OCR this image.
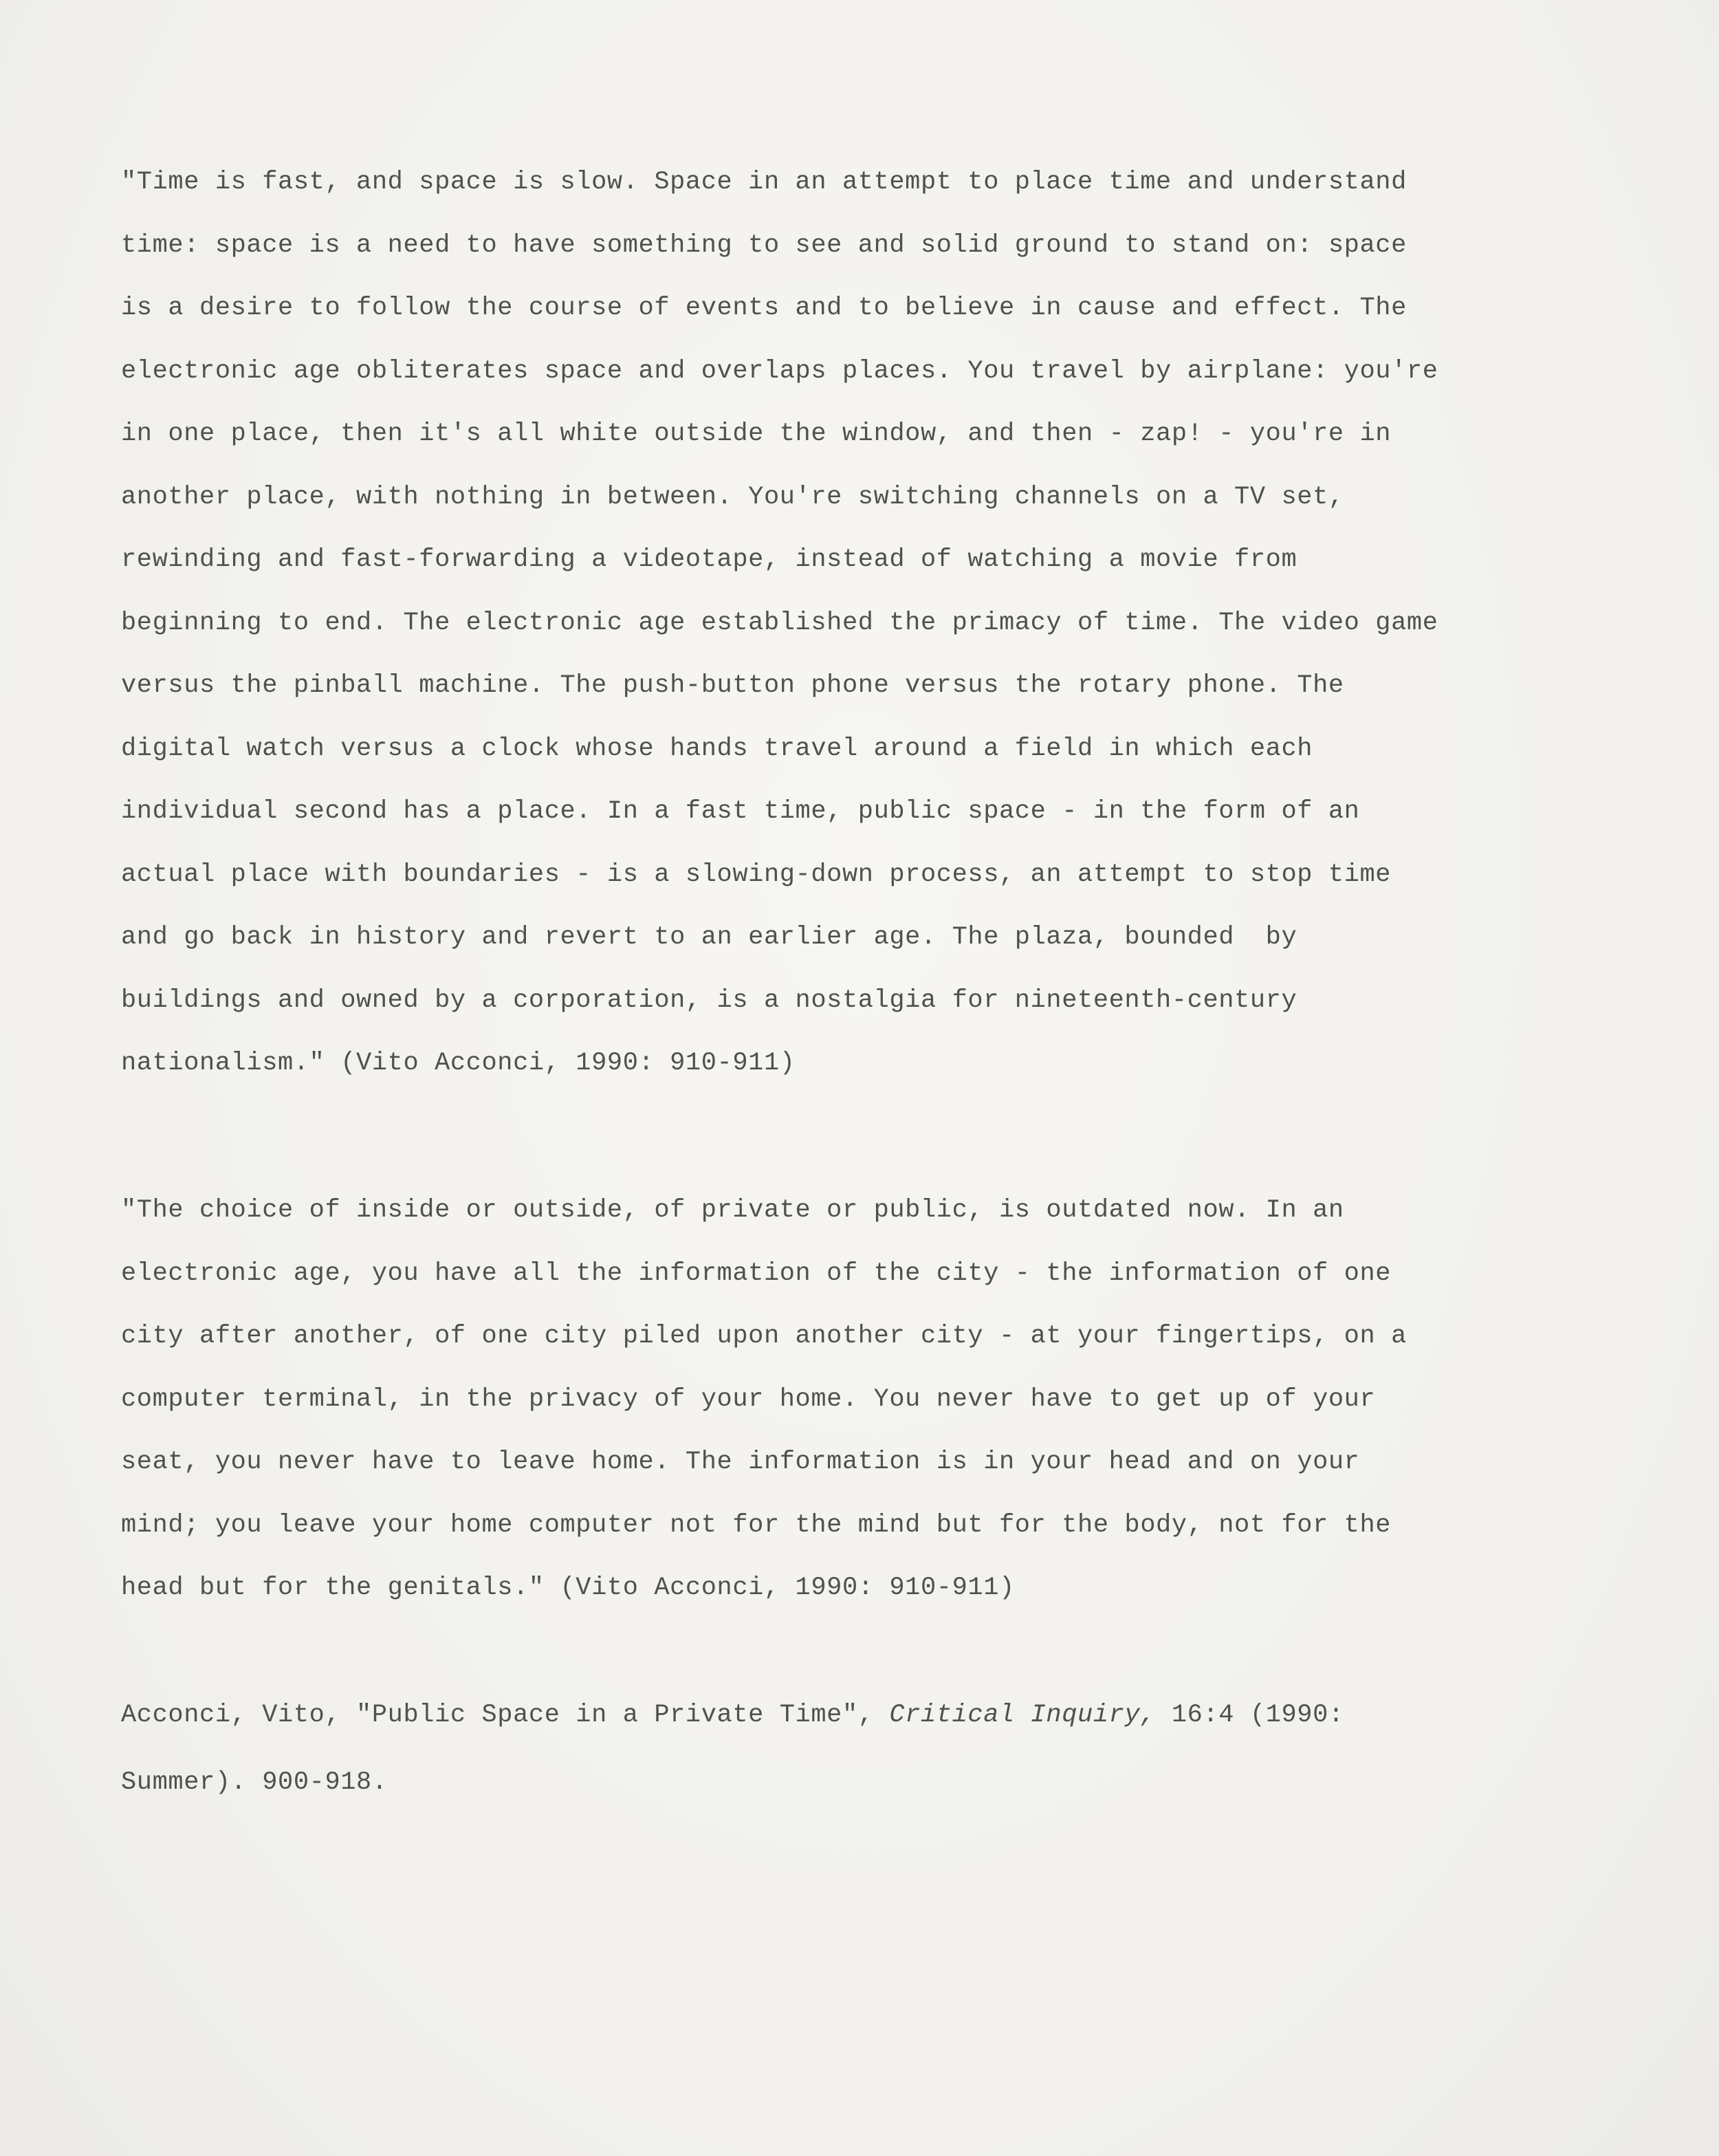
"Time is fast, and space is slow. Space in an attempt to place time and understand
time: space is a need to have something to see and solid ground to stand on: space
is a desire to follow the course of events and to believe in cause and effect. The
electronic age obliterates space and overlaps places. You travel by airplane: you're
in one place, then it's all white outside the window, and then - zap! - you're in
another place, with nothing in between. You're switching channels on a TV set,
rewinding and fast-forwarding a videotape, instead of watching a movie from
beginning to end. The electronic age established the primacy of time. The video game
versus the pinball machine. The push-button phone versus the rotary phone. The
digital watch versus a clock whose hands travel around a field in which each
individual second has a place. In a fast time, public space - in the form of an
actual place with boundaries - is a slowing-down process, an attempt to stop time
and go back in history and revert to an earlier age. The plaza, bounded  by
buildings and owned by a corporation, is a nostalgia for nineteenth-century
nationalism." (Vito Acconci, 1990: 910-911)

"The choice of inside or outside, of private or public, is outdated now. In an
electronic age, you have all the information of the city - the information of one
city after another, of one city piled upon another city - at your fingertips, on a
computer terminal, in the privacy of your home. You never have to get up of your
seat, you never have to leave home. The information is in your head and on your
mind; you leave your home computer not for the mind but for the body, not for the
head but for the genitals." (Vito Acconci, 1990: 910-911)

Acconci, Vito, "Public Space in a Private Time", Critical Inquiry, 16:4 (1990:
Summer). 900-918.
